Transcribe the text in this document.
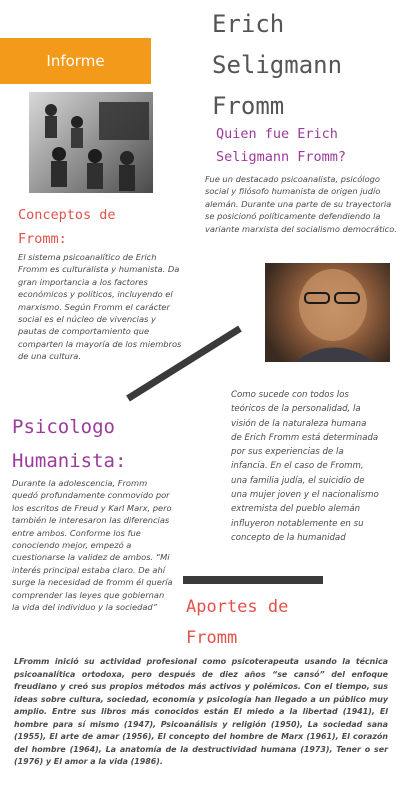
Informe
Erich
Seligmann
Fromm
Quien fue Erich
Seligmann Fromm?
Fue un destacado psicoanalista, psicólogo social y filósofo humanista de origen judío alemán. Durante una parte de su trayectoria se posicionó políticamente defendiendo la variante marxista del socialismo democrático.
Conceptos de
Fromm:
El sistema psicoanalítico de Erich Fromm es culturalista y humanista. Da gran importancia a los factores económicos y políticos, incluyendo el marxismo. Según Fromm el carácter social es el núcleo de vivencias y pautas de comportamiento que comparten la mayoría de los miembros de una cultura.
Como sucede con todos los teóricos de la personalidad, la visión de la naturaleza humana de Erich Fromm está determinada por sus experiencias de la infancia. En el caso de Fromm, una familia judía, el suicidio de una mujer joven y el nacionalismo extremista del pueblo alemán influyeron notablemente en su concepto de la humanidad
Psicologo
Humanista:
Durante la adolescencia, Fromm quedó profundamente conmovido por los escritos de Freud y Karl Marx, pero también le interesaron las diferencias entre ambos. Conforme los fue conociendo mejor, empezó a cuestionarse la validez de ambos. “Mi interés principal estaba claro. De ahí surge la necesidad de fromm él quería comprender las leyes que gobiernan la vida del individuo y la sociedad”	Aportes de
Fromm
LFromm inició su actividad profesional como psicoterapeuta usando la técnica psicoanalítica ortodoxa, pero después de diez años “se cansó” del enfoque freudiano y creó sus propios métodos más activos y polémicos. Con el tiempo, sus ideas sobre cultura, sociedad, economía y psicología han llegado a un público muy amplio. Entre sus libros más conocidos están El miedo a la libertad (1941), El hombre para sí mismo (1947), Psicoanálisis y religión (1950), La sociedad sana (1955), El arte de amar (1956), El concepto del hombre de Marx (1961), El corazón del hombre (1964), La anatomía de la destructividad humana (1973), Tener o ser (1976) y El amor a la vida (1986).
